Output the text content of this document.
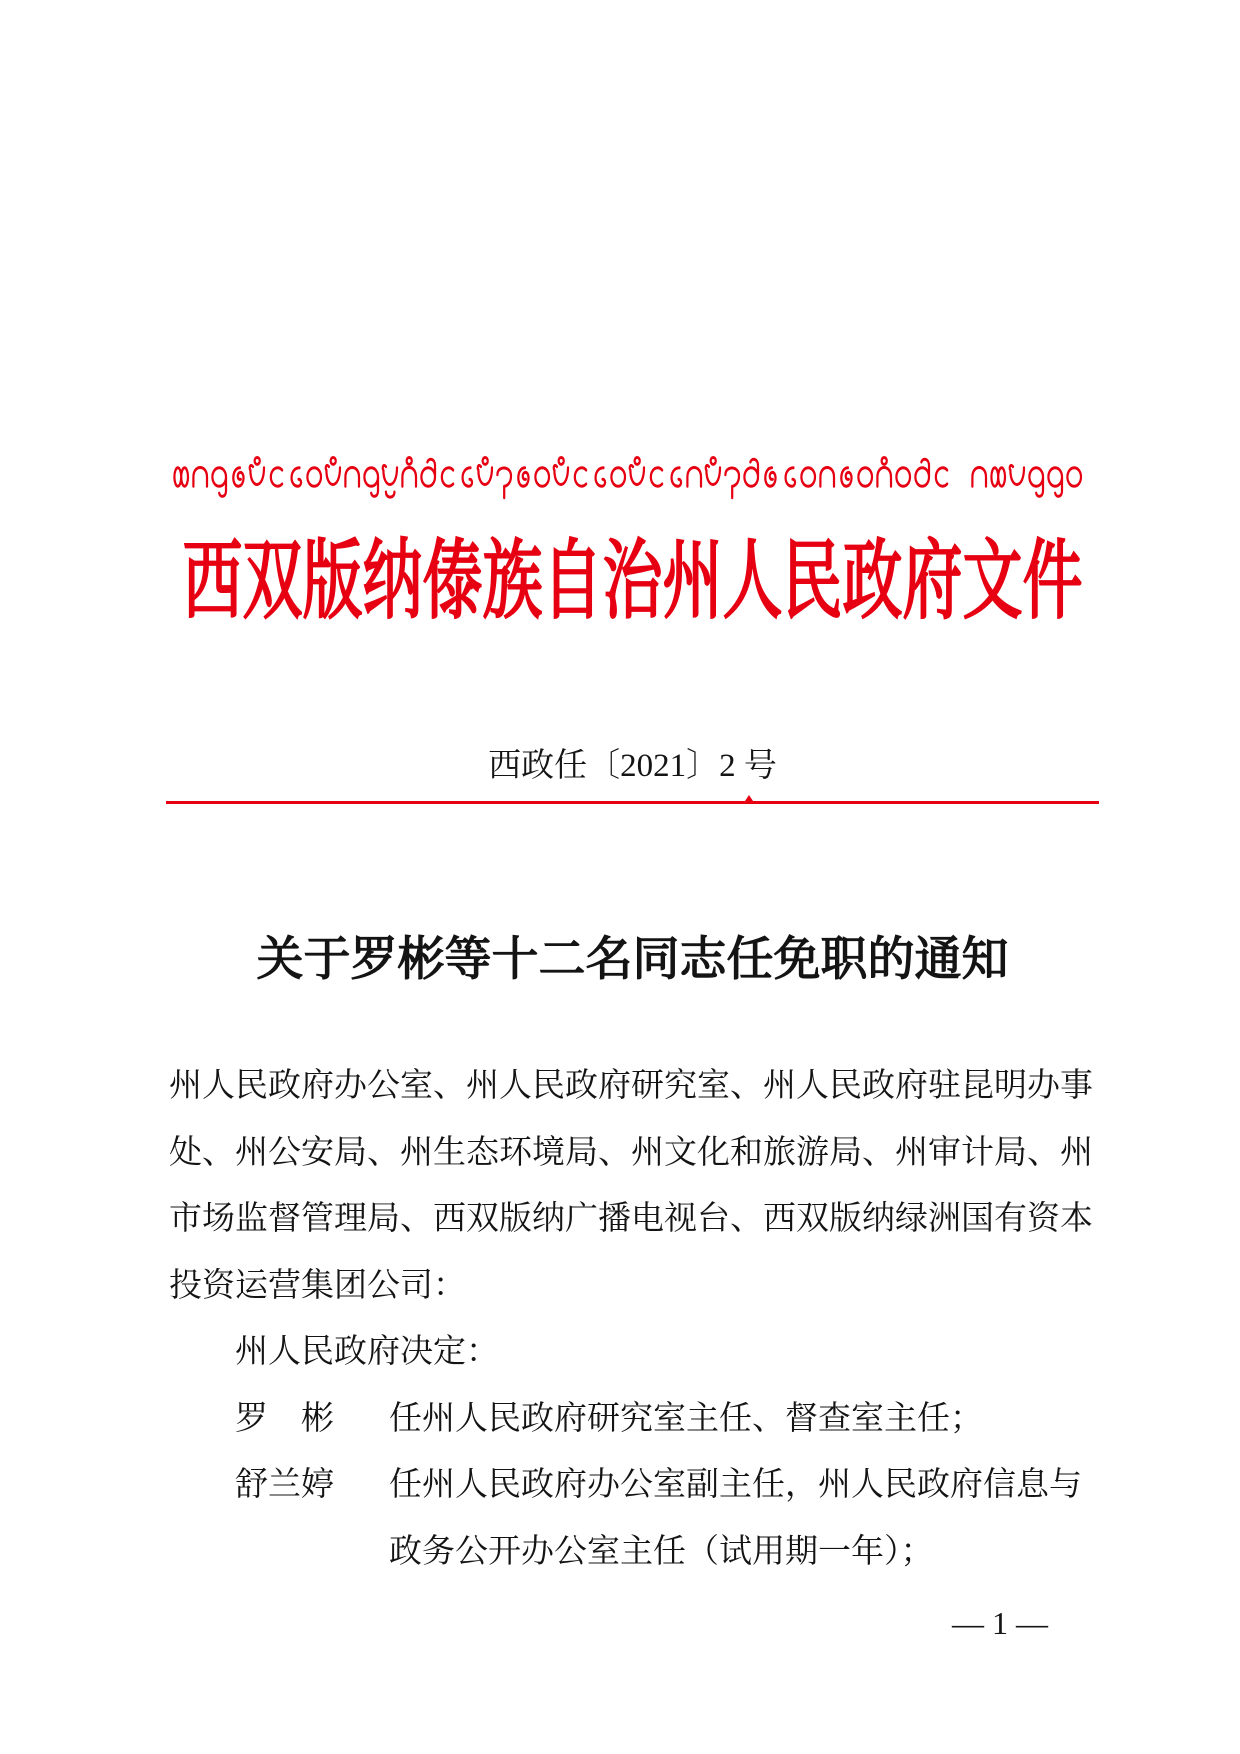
西双版纳傣族自治州人民政府文件
西政任〔2021〕2 号
关于罗彬等十二名同志任免职的通知
州人民政府办公室、州人民政府研究室、州人民政府驻昆明办事
处、州公安局、州生态环境局、州文化和旅游局、州审计局、州
市场监督管理局、西双版纳广播电视台、西双版纳绿洲国有资本
投资运营集团公司：
州人民政府决定：
罗　彬 任州人民政府研究室主任、督查室主任；
舒兰婷 任州人民政府办公室副主任，州人民政府信息与
政务公开办公室主任（试用期一年）；
— 1 —
